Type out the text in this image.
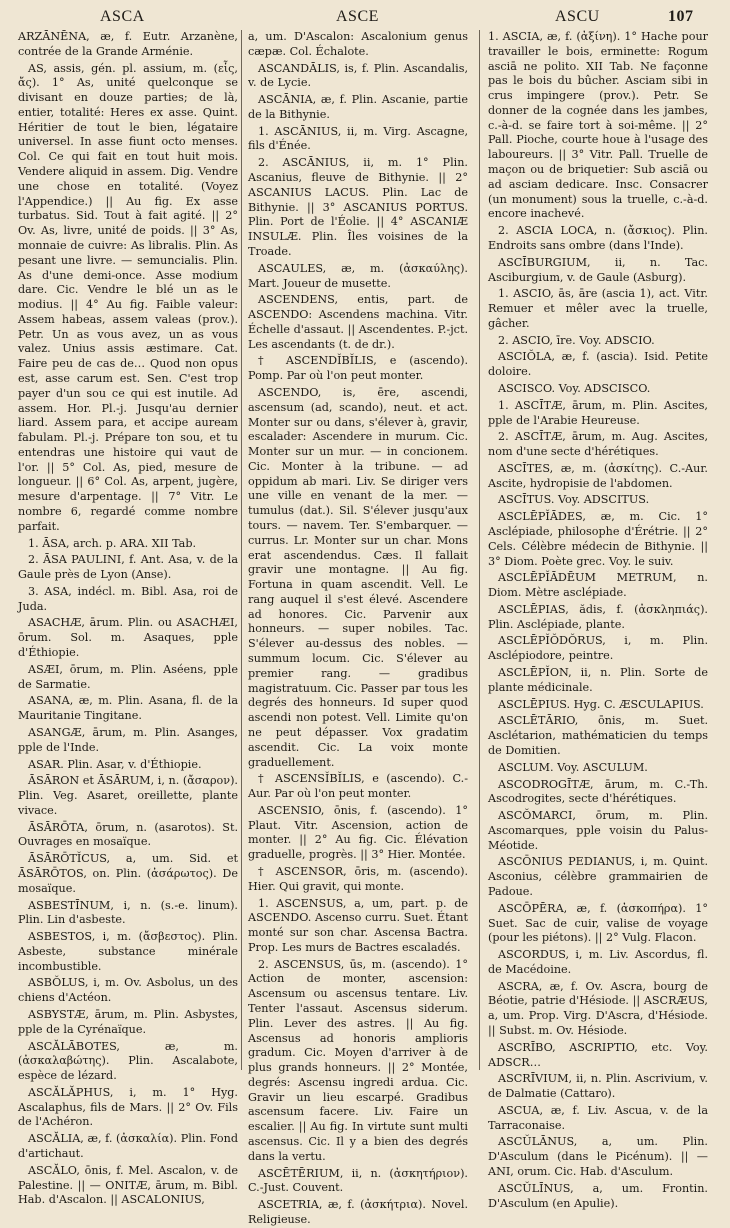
ASCA	ASCE	ASCU	107

ARZĀNĒNA, æ, f. Eutr. Arzanène, contrée de la Grande Arménie.

AS, assis, gén. pl. assium, m. (εἷς, ἄς). 1° As, unité quelconque se divisant en douze parties; de là, entier, totalité: Heres ex asse. Quint. Héritier de tout le bien, légataire universel. In asse fiunt octo menses. Col. Ce qui fait en tout huit mois. Vendere aliquid in assem. Dig. Vendre une chose en totalité. (Voyez l'Appendice.) || Au fig. Ex asse turbatus. Sid. Tout à fait agité. || 2° Ov. As, livre, unité de poids. || 3° As, monnaie de cuivre: As libralis. Plin. As pesant une livre. — semuncialis. Plin. As d'une demi-once. Asse modium dare. Cic. Vendre le blé un as le modius. || 4° Au fig. Faible valeur: Assem habeas, assem valeas (prov.). Petr. Un as vous avez, un as vous valez. Unius assis æstimare. Cat. Faire peu de cas de… Quod non opus est, asse carum est. Sen. C'est trop payer d'un sou ce qui est inutile. Ad assem. Hor. Pl.-j. Jusqu'au dernier liard. Assem para, et accipe auream fabulam. Pl.-j. Prépare ton sou, et tu entendras une histoire qui vaut de l'or. || 5° Col. As, pied, mesure de longueur. || 6° Col. As, arpent, jugère, mesure d'arpentage. || 7° Vitr. Le nombre 6, regardé comme nombre parfait.

1. ĀSA, arch. p. ARA. XII Tab.

2. ĀSA PAULINI, f. Ant. Asa, v. de la Gaule près de Lyon (Anse).

3. ASA, indécl. m. Bibl. Asa, roi de Juda.

ASACHÆ, ārum. Plin. ou ASACHÆI, ōrum. Sol. m. Asaques, pple d'Éthiopie.

ASÆI, ōrum, m. Plin. Aséens, pple de Sarmatie.

ASANA, æ, m. Plin. Asana, fl. de la Mauritanie Tingitane.

ASANGÆ, ārum, m. Plin. Asanges, pple de l'Inde.

ASAR. Plin. Asar, v. d'Éthiopie.

ĀSĀRON et ĀSĀRUM, i, n. (ἄσαρον). Plin. Veg. Asaret, oreillette, plante vivace.

ĀSĀRŌTA, ōrum, n. (asarotos). St. Ouvrages en mosaïque.

ĀSĀRŌTĬCUS, a, um. Sid. et ĀSĀRŌTOS, on. Plin. (ἀσάρωτος). De mosaïque.

ASBESTĪNUM, i, n. (s.-e. linum). Plin. Lin d'asbeste.

ASBESTOS, i, m. (ἄσβεστος). Plin. Asbeste, substance minérale incombustible.

ASBŎLUS, i, m. Ov. Asbolus, un des chiens d'Actéon.

ASBYSTÆ, ārum, m. Plin. Asbystes, pple de la Cyrénaïque.

ASCĂLĀBOTES, æ, m. (ἀσκαλαβώτης). Plin. Ascalabote, espèce de lézard.

ASCĂLĂPHUS, i, m. 1° Hyg. Ascalaphus, fils de Mars. || 2° Ov. Fils de l'Achéron.

ASCĂLIA, æ, f. (ἀσκαλία). Plin. Fond d'artichaut.

ASCĂLO, ōnis, f. Mel. Ascalon, v. de Palestine. || — ONITÆ, ārum, m. Bibl. Hab. d'Ascalon. || ASCALONIUS,

a, um. D'Ascalon: Ascalonium genus cæpæ. Col. Échalote.

ASCANDĀLIS, is, f. Plin. Ascandalis, v. de Lycie.

ASCĀNIA, æ, f. Plin. Ascanie, partie de la Bithynie.

1. ASCĀNIUS, ii, m. Virg. Ascagne, fils d'Énée.

2. ASCĀNIUS, ii, m. 1° Plin. Ascanius, fleuve de Bithynie. || 2° ASCANIUS LACUS. Plin. Lac de Bithynie. || 3° ASCANIUS PORTUS. Plin. Port de l'Éolie. || 4° ASCANIÆ INSULÆ. Plin. Îles voisines de la Troade.

ASCAULES, æ, m. (ἀσκαύλης). Mart. Joueur de musette.

ASCENDENS, entis, part. de ASCENDO: Ascendens machina. Vitr. Échelle d'assaut. || Ascendentes. P.-jct. Les ascendants (t. de dr.).

† ASCENDĬBĬLIS, e (ascendo). Pomp. Par où l'on peut monter.

ASCENDO, is, ēre, ascendi, ascensum (ad, scando), neut. et act. Monter sur ou dans, s'élever à, gravir, escalader: Ascendere in murum. Cic. Monter sur un mur. — in concionem. Cic. Monter à la tribune. — ad oppidum ab mari. Liv. Se diriger vers une ville en venant de la mer. — tumulus (dat.). Sil. S'élever jusqu'aux tours. — navem. Ter. S'embarquer. — currus. Lr. Monter sur un char. Mons erat ascendendus. Cæs. Il fallait gravir une montagne. || Au fig. Fortuna in quam ascendit. Vell. Le rang auquel il s'est élevé. Ascendere ad honores. Cic. Parvenir aux honneurs. — super nobiles. Tac. S'élever au-dessus des nobles. — summum locum. Cic. S'élever au premier rang. — gradibus magistratuum. Cic. Passer par tous les degrés des honneurs. Id super quod ascendi non potest. Vell. Limite qu'on ne peut dépasser. Vox gradatim ascendit. Cic. La voix monte graduellement.

† ASCENSĬBĬLIS, e (ascendo). C.-Aur. Par où l'on peut monter.

ASCENSIO, ōnis, f. (ascendo). 1° Plaut. Vitr. Ascension, action de monter. || 2° Au fig. Cic. Élévation graduelle, progrès. || 3° Hier. Montée.

† ASCENSOR, ōris, m. (ascendo). Hier. Qui gravit, qui monte.

1. ASCENSUS, a, um, part. p. de ASCENDO. Ascenso curru. Suet. Étant monté sur son char. Ascensa Bactra. Prop. Les murs de Bactres escaladés.

2. ASCENSUS, ūs, m. (ascendo). 1° Action de monter, ascension: Ascensum ou ascensus tentare. Liv. Tenter l'assaut. Ascensus siderum. Plin. Lever des astres. || Au fig. Ascensus ad honoris amplioris gradum. Cic. Moyen d'arriver à de plus grands honneurs. || 2° Montée, degrés: Ascensu ingredi ardua. Cic. Gravir un lieu escarpé. Gradibus ascensum facere. Liv. Faire un escalier. || Au fig. In virtute sunt multi ascensus. Cic. Il y a bien des degrés dans la vertu.

ASCĒTĒRIUM, ii, n. (ἀσκητήριον). C.-Just. Couvent.

ASCETRIA, æ, f. (ἀσκήτρια). Novel. Religieuse.

1. ASCIA, æ, f. (ἀξίνη). 1° Hache pour travailler le bois, erminette: Rogum asciā ne polito. XII Tab. Ne façonne pas le bois du bûcher. Asciam sibi in crus impingere (prov.). Petr. Se donner de la cognée dans les jambes, c.-à-d. se faire tort à soi-même. || 2° Pall. Pioche, courte houe à l'usage des laboureurs. || 3° Vitr. Pall. Truelle de maçon ou de briquetier: Sub asciā ou ad asciam dedicare. Insc. Consacrer (un monument) sous la truelle, c.-à-d. encore inachevé.

2. ASCIA LOCA, n. (ἄσκιος). Plin. Endroits sans ombre (dans l'Inde).

ASCĪBURGIUM, ii, n. Tac. Asciburgium, v. de Gaule (Asburg).

1. ASCIO, ās, āre (ascia 1), act. Vitr. Remuer et mêler avec la truelle, gâcher.

2. ASCIO, īre. Voy. ADSCIO.

ASCIŎLA, æ, f. (ascia). Isid. Petite doloire.

ASCISCO. Voy. ADSCISCO.

1. ASCĪTÆ, ārum, m. Plin. Ascites, pple de l'Arabie Heureuse.

2. ASCĪTÆ, ārum, m. Aug. Ascites, nom d'une secte d'hérétiques.

ASCĪTES, æ, m. (ἀσκίτης). C.-Aur. Ascite, hydropisie de l'abdomen.

ASCĪTUS. Voy. ADSCITUS.

ASCLĒPĬĀDES, æ, m. Cic. 1° Asclépiade, philosophe d'Érétrie. || 2° Cels. Célèbre médecin de Bithynie. || 3° Diom. Poète grec. Voy. le suiv.

ASCLĒPĬĀDĒUM METRUM, n. Diom. Mètre asclépiade.

ASCLĒPIAS, ădis, f. (ἀσκληπιάς). Plin. Asclépiade, plante.

ASCLĒPĬŎDŎRUS, i, m. Plin. Asclépiodore, peintre.

ASCLĒPĬON, ii, n. Plin. Sorte de plante médicinale.

ASCLĒPIUS. Hyg. C. ÆSCULAPIUS.

ASCLĒTĀRIO, ōnis, m. Suet. Asclétarion, mathématicien du temps de Domitien.

ASCLUM. Voy. ASCULUM.

ASCODROGĪTÆ, ārum, m. C.-Th. Ascodrogites, secte d'hérétiques.

ASCŎMARCI, ōrum, m. Plin. Ascomarques, pple voisin du Palus-Méotide.

ASCŌNIUS PEDIANUS, i, m. Quint. Asconius, célèbre grammairien de Padoue.

ASCŌPĒRA, æ, f. (ἀσκοπήρα). 1° Suet. Sac de cuir, valise de voyage (pour les piétons). || 2° Vulg. Flacon.

ASCORDUS, i, m. Liv. Ascordus, fl. de Macédoine.

ASCRA, æ, f. Ov. Ascra, bourg de Béotie, patrie d'Hésiode. || ASCRÆUS, a, um. Prop. Virg. D'Ascra, d'Hésiode. || Subst. m. Ov. Hésiode.

ASCRĪBO, ASCRIPTIO, etc. Voy. ADSCR…

ASCRĪVIUM, ii, n. Plin. Ascrivium, v. de Dalmatie (Cattaro).

ASCUA, æ, f. Liv. Ascua, v. de la Tarraconaise.

ASCŬLĀNUS, a, um. Plin. D'Asculum (dans le Picénum). || — ANI, orum. Cic. Hab. d'Asculum.

ASCŬLĪNUS, a, um. Frontin. D'Asculum (en Apulie).
